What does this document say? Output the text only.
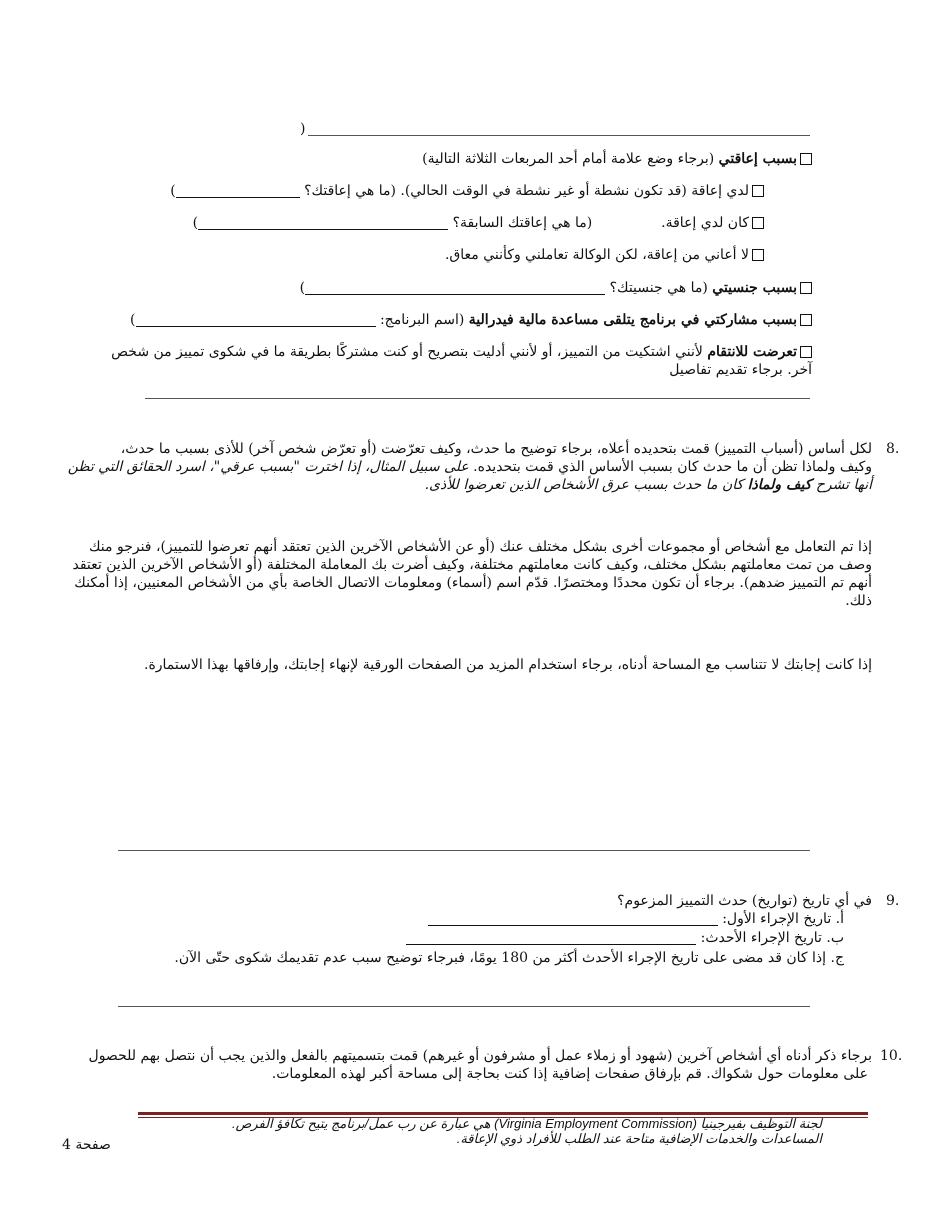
)
بسبب إعاقتي (برجاء وضع علامة أمام أحد المربعات الثلاثة التالية)
لدي إعاقة (قد تكون نشطة أو غير نشطة في الوقت الحالي). (ما هي إعاقتك؟ )
كان لدي إعاقة.  (ما هي إعاقتك السابقة؟ )
لا أعاني من إعاقة، لكن الوكالة تعاملني وكأنني معاق.
بسبب جنسيتي (ما هي جنسيتك؟ )
بسبب مشاركتي في برنامج يتلقى مساعدة مالية فيدرالية (اسم البرنامج: )
تعرضت للانتقام لأنني اشتكيت من التمييز، أو لأنني أدليت بتصريح أو كنت مشتركًا بطريقة ما في شكوى تمييز من شخص
آخر. برجاء تقديم تفاصيل
8.
لكل أساس (أسباب التمييز) قمت بتحديده أعلاه، برجاء توضيح ما حدث، وكيف تعرّضت (أو تعرّض شخص آخر) للأذى بسبب ما حدث،
وكيف ولماذا تظن أن ما حدث كان بسبب الأساس الذي قمت بتحديده. على سبيل المثال، إذا اخترت "بسبب عرقي"، اسرد الحقائق التي تظن
أنها تشرح كيف ولماذا كان ما حدث بسبب عرق الأشخاص الذين تعرضوا للأذى.
إذا تم التعامل مع أشخاص أو مجموعات أخرى بشكل مختلف عنك (أو عن الأشخاص الآخرين الذين تعتقد أنهم تعرضوا للتمييز)، فنرجو منك
وصف من تمت معاملتهم بشكل مختلف، وكيف كانت معاملتهم مختلفة، وكيف أضرت بك المعاملة المختلفة (أو الأشخاص الآخرين الذين تعتقد
أنهم تم التمييز ضدهم). برجاء أن تكون محددًا ومختصرًا. قدّم اسم (أسماء) ومعلومات الاتصال الخاصة بأي من الأشخاص المعنيين، إذا أمكنك
ذلك.
إذا كانت إجابتك لا تتناسب مع المساحة أدناه، برجاء استخدام المزيد من الصفحات الورقية لإنهاء إجابتك، وإرفاقها بهذا الاستمارة.
9.
في أي تاريخ (تواريخ) حدث التمييز المزعوم؟
أ. تاريخ الإجراء الأول:
ب. تاريخ الإجراء الأحدث:
ج. إذا كان قد مضى على تاريخ الإجراء الأحدث أكثر من 180 يومًا، فبرجاء توضيح سبب عدم تقديمك شكوى حتّى الآن.
10.
برجاء ذكر أدناه أي أشخاص آخرين (شهود أو زملاء عمل أو مشرفون أو غيرهم) قمت بتسميتهم بالفعل والذين يجب أن نتصل بهم للحصول
على معلومات حول شكواك. قم بإرفاق صفحات إضافية إذا كنت بحاجة إلى مساحة أكبر لهذه المعلومات.
لجنة التوظيف بفيرجينيا (Virginia Employment Commission) هي عبارة عن رب عمل/برنامج يتيح تكافؤ الفرص.
المساعدات والخدمات الإضافية متاحة عند الطلب للأفراد ذوي الإعاقة.
صفحة 4
